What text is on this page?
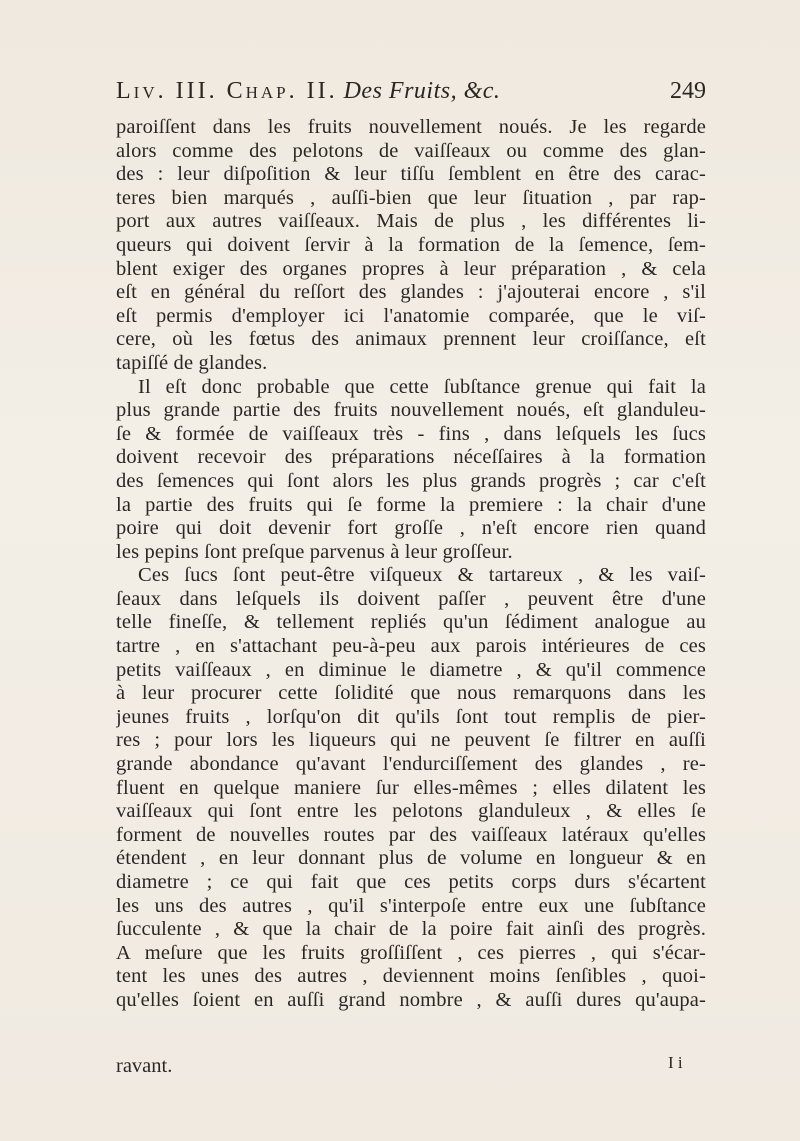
Liv. III. Chap. II. Des Fruits, &c.	249
paroiſſent dans les fruits nouvellement noués. Je les regarde
alors comme des pelotons de vaiſſeaux ou comme des glan-
des : leur diſpoſition & leur tiſſu ſemblent en être des carac-
teres bien marqués , auſſi-bien que leur ſituation , par rap-
port aux autres vaiſſeaux. Mais de plus , les différentes li-
queurs qui doivent ſervir à la formation de la ſemence, ſem-
blent exiger des organes propres à leur préparation , & cela
eſt en général du reſſort des glandes : j'ajouterai encore , s'il
eſt permis d'employer ici l'anatomie comparée, que le viſ-
cere, où les fœtus des animaux prennent leur croiſſance, eſt
tapiſſé de glandes.
Il eſt donc probable que cette ſubſtance grenue qui fait la
plus grande partie des fruits nouvellement noués, eſt glanduleu-
ſe & formée de vaiſſeaux très - fins , dans leſquels les ſucs
doivent recevoir des préparations néceſſaires à la formation
des ſemences qui ſont alors les plus grands progrès ; car c'eſt
la partie des fruits qui ſe forme la premiere : la chair d'une
poire qui doit devenir fort groſſe , n'eſt encore rien quand
les pepins ſont preſque parvenus à leur groſſeur.
Ces ſucs ſont peut-être viſqueux & tartareux , & les vaiſ-
ſeaux dans leſquels ils doivent paſſer , peuvent être d'une
telle fineſſe, & tellement repliés qu'un ſédiment analogue au
tartre , en s'attachant peu-à-peu aux parois intérieures de ces
petits vaiſſeaux , en diminue le diametre , & qu'il commence
à leur procurer cette ſolidité que nous remarquons dans les
jeunes fruits , lorſqu'on dit qu'ils ſont tout remplis de pier-
res ; pour lors les liqueurs qui ne peuvent ſe filtrer en auſſi
grande abondance qu'avant l'endurciſſement des glandes , re-
fluent en quelque maniere ſur elles-mêmes ; elles dilatent les
vaiſſeaux qui ſont entre les pelotons glanduleux , & elles ſe
forment de nouvelles routes par des vaiſſeaux latéraux qu'elles
étendent , en leur donnant plus de volume en longueur & en
diametre ; ce qui fait que ces petits corps durs s'écartent
les uns des autres , qu'il s'interpoſe entre eux une ſubſtance
ſucculente , & que la chair de la poire fait ainſi des progrès.
A meſure que les fruits groſſiſſent , ces pierres , qui s'écar-
tent les unes des autres , deviennent moins ſenſibles , quoi-
qu'elles ſoient en auſſi grand nombre , & auſſi dures qu'aupa-
ravant.	I i
